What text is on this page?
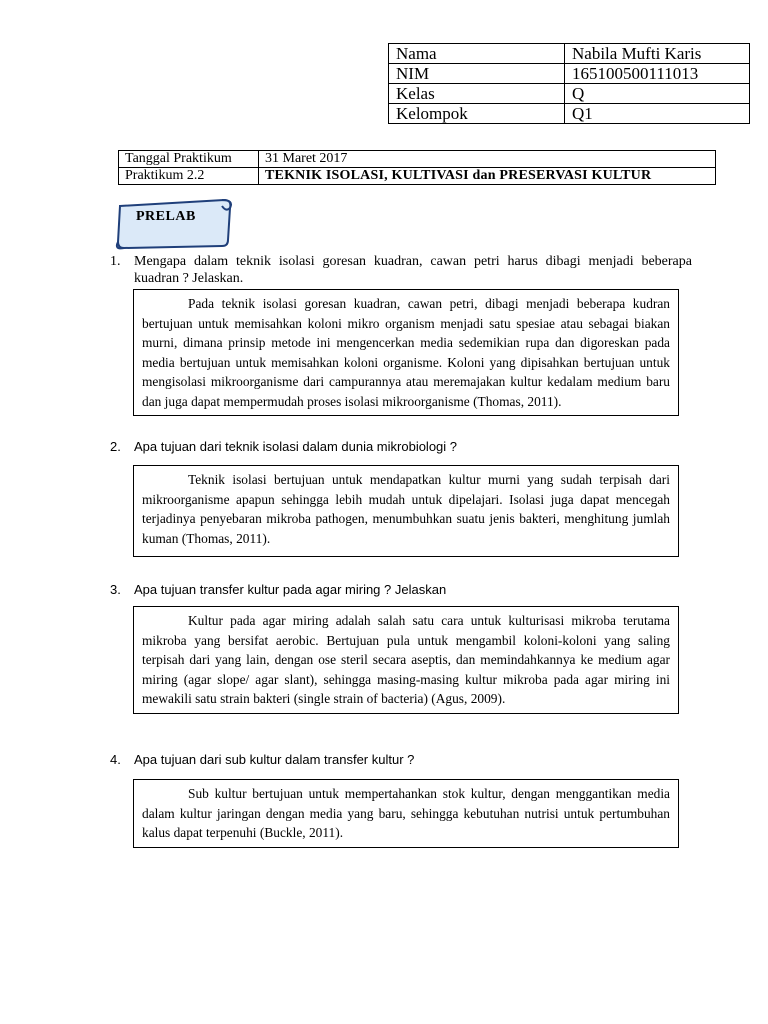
Nama	Nabila Mufti Karis
NIM	165100500111013
Kelas	Q
Kelompok	Q1
Tanggal Praktikum	31 Maret 2017
Praktikum 2.2	TEKNIK ISOLASI, KULTIVASI dan PRESERVASI KULTUR
PRELAB
1. Mengapa dalam teknik isolasi goresan kuadran, cawan petri harus dibagi menjadi beberapa kuadran ? Jelaskan.
Pada teknik isolasi goresan kuadran, cawan petri, dibagi menjadi beberapa kudran bertujuan untuk memisahkan koloni mikro organism menjadi satu spesiae atau sebagai biakan murni, dimana prinsip metode ini mengencerkan media sedemikian rupa dan digoreskan pada media bertujuan untuk memisahkan koloni organisme. Koloni yang dipisahkan bertujuan untuk mengisolasi mikroorganisme dari campurannya atau meremajakan kultur kedalam medium baru dan juga dapat mempermudah proses isolasi mikroorganisme (Thomas, 2011).
2. Apa tujuan dari teknik isolasi dalam dunia mikrobiologi ?
Teknik isolasi bertujuan untuk mendapatkan kultur murni yang sudah terpisah dari mikroorganisme apapun sehingga lebih mudah untuk dipelajari. Isolasi juga dapat mencegah terjadinya penyebaran mikroba pathogen, menumbuhkan suatu jenis bakteri, menghitung jumlah kuman (Thomas, 2011).
3. Apa tujuan transfer kultur pada agar miring ? Jelaskan
Kultur pada agar miring adalah salah satu cara untuk kulturisasi mikroba terutama mikroba yang bersifat aerobic. Bertujuan pula untuk mengambil koloni-koloni yang saling terpisah dari yang lain, dengan ose steril secara aseptis, dan memindahkannya ke medium agar miring (agar slope/ agar slant), sehingga masing-masing kultur mikroba pada agar miring ini mewakili satu strain bakteri (single strain of bacteria) (Agus, 2009).
4. Apa tujuan dari sub kultur dalam transfer kultur ?
Sub kultur bertujuan untuk mempertahankan stok kultur, dengan menggantikan media dalam kultur jaringan dengan media yang baru, sehingga kebutuhan nutrisi untuk pertumbuhan kalus dapat terpenuhi (Buckle, 2011).
